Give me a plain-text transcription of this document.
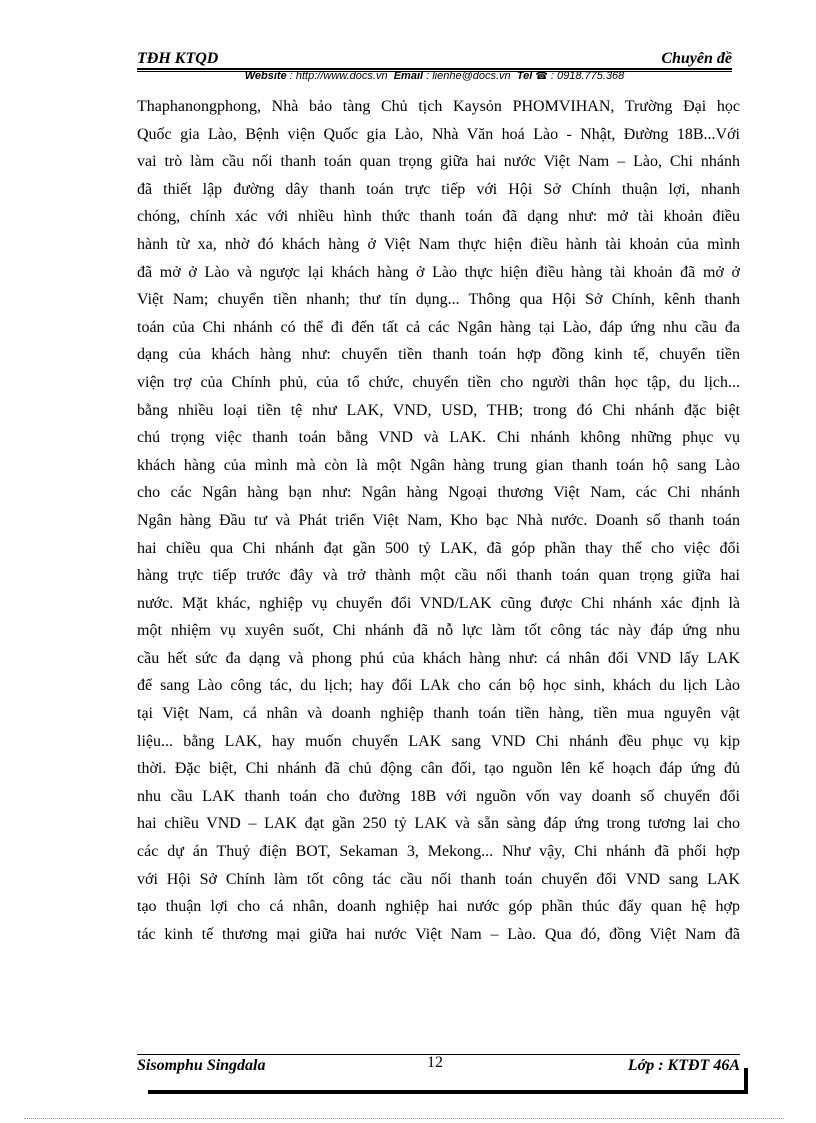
TĐH KTQD	Chuyên đề
Website : http://www.docs.vn Email : lienhe@docs.vn Tel ☎ : 0918.775.368
Thaphanongphong, Nhà bảo tàng Chủ tịch Kaysỏn PHOMVIHAN, Trường Đại học
Quốc gia Lào, Bệnh viện Quốc gia Lào, Nhà Văn hoá Lào - Nhật, Đường 18B...Với
vai trò làm cầu nối thanh toán quan trọng giữa hai nước Việt Nam – Lào, Chi nhánh
đã thiết lập đường dây thanh toán trực tiếp với Hội Sở Chính thuận lợi, nhanh
chóng, chính xác với nhiều hình thức thanh toán đã dạng như: mở tài khoản điều
hành từ xa, nhờ đó khách hàng ở Việt Nam thực hiện điều hành tài khoản của mình
đã mở ở Lào và ngược lại khách hàng ở Lào thực hiện điều hàng tài khoản đã mở ở
Việt Nam; chuyển tiền nhanh; thư tín dụng... Thông qua Hội Sở Chính, kênh thanh
toán của Chi nhánh có thể đi đến tất cả các Ngân hàng tại Lào, đáp ứng nhu cầu đa
dạng của khách hàng như: chuyển tiền thanh toán hợp đồng kinh tế, chuyển tiền
viện trợ của Chính phủ, của tổ chức, chuyển tiền cho người thân học tập, du lịch...
bằng nhiều loại tiền tệ như LAK, VND, USD, THB; trong đó Chi nhánh đặc biệt
chú trọng việc thanh toán bằng VND và LAK. Chi nhánh không những phục vụ
khách hàng của mình mà còn là một Ngân hàng trung gian thanh toán hộ sang Lào
cho các Ngân hàng bạn như: Ngân hàng Ngoại thương Việt Nam, các Chi nhánh
Ngân hàng Đầu tư và Phát triển Việt Nam, Kho bạc Nhà nước. Doanh số thanh toán
hai chiều qua Chi nhánh đạt gần 500 tỷ LAK, đã góp phần thay thế cho việc đổi
hàng trực tiếp trước đây và trở thành một cầu nối thanh toán quan trọng giữa hai
nước. Mặt khác, nghiệp vụ chuyển đổi VND/LAK cũng được Chi nhánh xác định là
một nhiệm vụ xuyên suốt, Chi nhánh đã nỗ lực làm tốt công tác này đáp ứng nhu
cầu hết sức đa dạng và phong phú của khách hàng như: cá nhân đổi VND lấy LAK
để sang Lào công tác, du lịch; hay đổi LAk cho cán bộ học sinh, khách du lịch Lào
tại Việt Nam, cá nhân và doanh nghiệp thanh toán tiền hàng, tiền mua nguyên vật
liệu... bằng LAK, hay muốn chuyển LAK sang VND Chi nhánh đều phục vụ kịp
thời. Đặc biệt, Chi nhánh đã chủ động cân đối, tạo nguồn lên kế hoạch đáp ứng đủ
nhu cầu LAK thanh toán cho đường 18B với nguồn vốn vay doanh số chuyển đổi
hai chiều VND – LAK đạt gần 250 tỷ LAK và sẵn sàng đáp ứng trong tương lai cho
các dự án Thuỷ điện BOT, Sekaman 3, Mekong... Như vậy, Chi nhánh đã phối hợp
với Hội Sở Chính làm tốt công tác cầu nối thanh toán chuyển đổi VND sang LAK
tạo thuận lợi cho cá nhân, doanh nghiệp hai nước góp phần thúc đẩy quan hệ hợp
tác kinh tế thương mại giữa hai nước Việt Nam – Lào. Qua đó, đồng Việt Nam đã
Sisomphu Singdala	12	Lớp : KTĐT 46A
